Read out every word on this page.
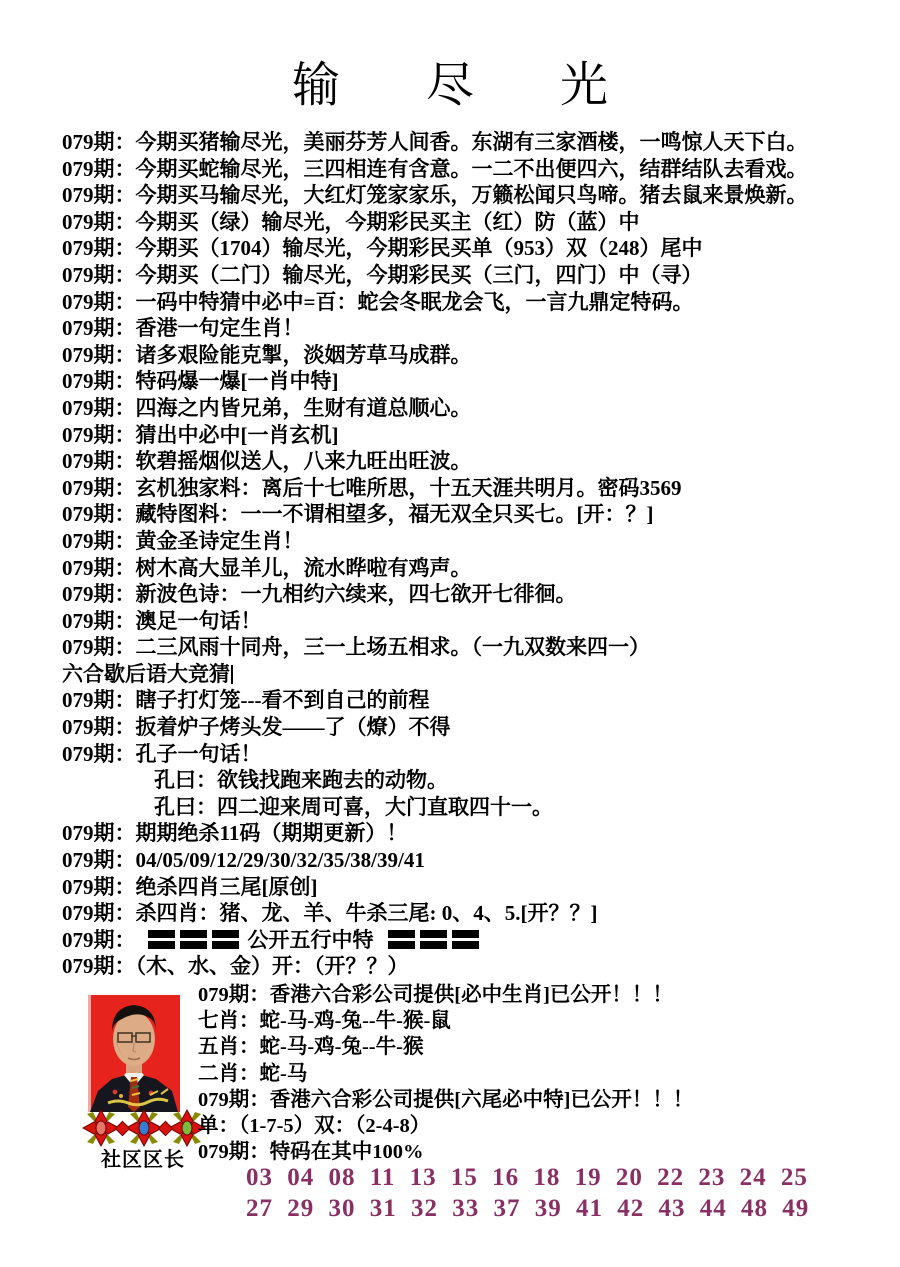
输 尽 光
079期：今期买猪输尽光，美丽芬芳人间香。东湖有三家酒楼，一鸣惊人天下白。
079期：今期买蛇输尽光，三四相连有含意。一二不出便四六，结群结队去看戏。
079期：今期买马输尽光，大红灯笼家家乐，万籁松闻只鸟啼。猪去鼠来景焕新。
079期：今期买（绿）输尽光，今期彩民买主（红）防（蓝）中
079期：今期买（1704）输尽光，今期彩民买单（953）双（248）尾中
079期：今期买（二门）输尽光，今期彩民买（三门，四门）中（寻）
079期：一码中特猜中必中=百：蛇会冬眠龙会飞，一言九鼎定特码。
079期：香港一句定生肖！
079期：诸多艰险能克掣，淡姻芳草马成群。
079期：特码爆一爆[一肖中特]
079期：四海之内皆兄弟，生财有道总顺心。
079期：猜出中必中[一肖玄机]
079期：软碧摇烟似送人，八来九旺出旺波。
079期：玄机独家料：离后十七唯所思，十五天涯共明月。密码3569
079期：藏特图料：一一不谓相望多，福无双全只买七。[开：？]
079期：黄金圣诗定生肖！
079期：树木高大显羊儿，流水晔啦有鸡声。
079期：新波色诗：一九相约六续来，四七欲开七徘徊。
079期：澳足一句话！
079期：二三风雨十同舟，三一上场五相求。（一九双数来四一）
六合歇后语大竞猜
079期：瞎子打灯笼---看不到自己的前程
079期：扳着炉子烤头发——了（燎）不得
079期：孔子一句话！
孔曰：欲钱找跑来跑去的动物。
孔曰：四二迎来周可喜，大门直取四十一。
079期：期期绝杀11码（期期更新）！
079期：04/05/09/12/29/30/32/35/38/39/41
079期：绝杀四肖三尾[原创]
079期：杀四肖：猪、龙、羊、牛杀三尾: 0、4、5.[开？？]
079期：	公开五行中特
079期：（木、水、金）开：（开？？）
社区区长
079期：香港六合彩公司提供[必中生肖]已公开！！！
七肖：蛇-马-鸡-兔--牛-猴-鼠
五肖：蛇-马-鸡-兔--牛-猴
二肖：蛇-马
079期：香港六合彩公司提供[六尾必中特]已公开！！！
单：（1-7-5）双：（2-4-8）
079期：特码在其中100%
03 04 08 11 13 15 16 18 19 20 22 23 24 25
27 29 30 31 32 33 37 39 41 42 43 44 48 49
